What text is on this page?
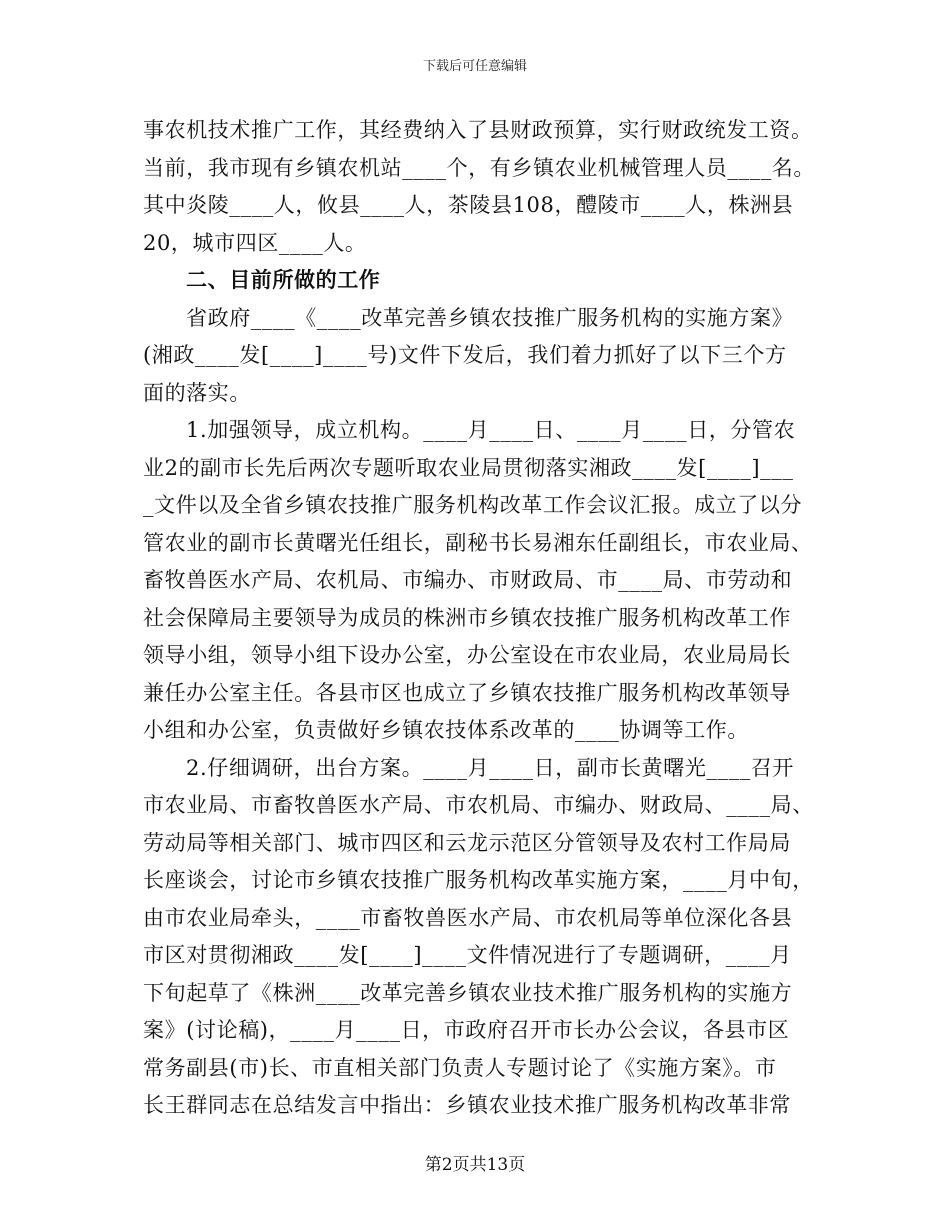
下载后可任意编辑
事农机技术推广工作，其经费纳入了县财政预算，实行财政统发工资。
当前，我市现有乡镇农机站____个，有乡镇农业机械管理人员____名。
其中炎陵____人，攸县____人，茶陵县108，醴陵市____人，株洲县
20，城市四区____人。
二、目前所做的工作
省政府____《____改革完善乡镇农技推广服务机构的实施方案》
(湘政____发[____]____号)文件下发后，我们着力抓好了以下三个方
面的落实。
1.加强领导，成立机构。____月____日、____月____日，分管农
业2的副市长先后两次专题听取农业局贯彻落实湘政____发[____]___
_文件以及全省乡镇农技推广服务机构改革工作会议汇报。成立了以分
管农业的副市长黄曙光任组长，副秘书长易湘东任副组长，市农业局、
畜牧兽医水产局、农机局、市编办、市财政局、市____局、市劳动和
社会保障局主要领导为成员的株洲市乡镇农技推广服务机构改革工作
领导小组，领导小组下设办公室，办公室设在市农业局，农业局局长
兼任办公室主任。各县市区也成立了乡镇农技推广服务机构改革领导
小组和办公室，负责做好乡镇农技体系改革的____协调等工作。
2.仔细调研，出台方案。____月____日，副市长黄曙光____召开
市农业局、市畜牧兽医水产局、市农机局、市编办、财政局、____局、
劳动局等相关部门、城市四区和云龙示范区分管领导及农村工作局局
长座谈会，讨论市乡镇农技推广服务机构改革实施方案，____月中旬，
由市农业局牵头，____市畜牧兽医水产局、市农机局等单位深化各县
市区对贯彻湘政____发[____]____文件情况进行了专题调研，____月
下旬起草了《株洲____改革完善乡镇农业技术推广服务机构的实施方
案》(讨论稿)，____月____日，市政府召开市长办公会议，各县市区
常务副县(市)长、市直相关部门负责人专题讨论了《实施方案》。市
长王群同志在总结发言中指出：乡镇农业技术推广服务机构改革非常
第2页共13页
